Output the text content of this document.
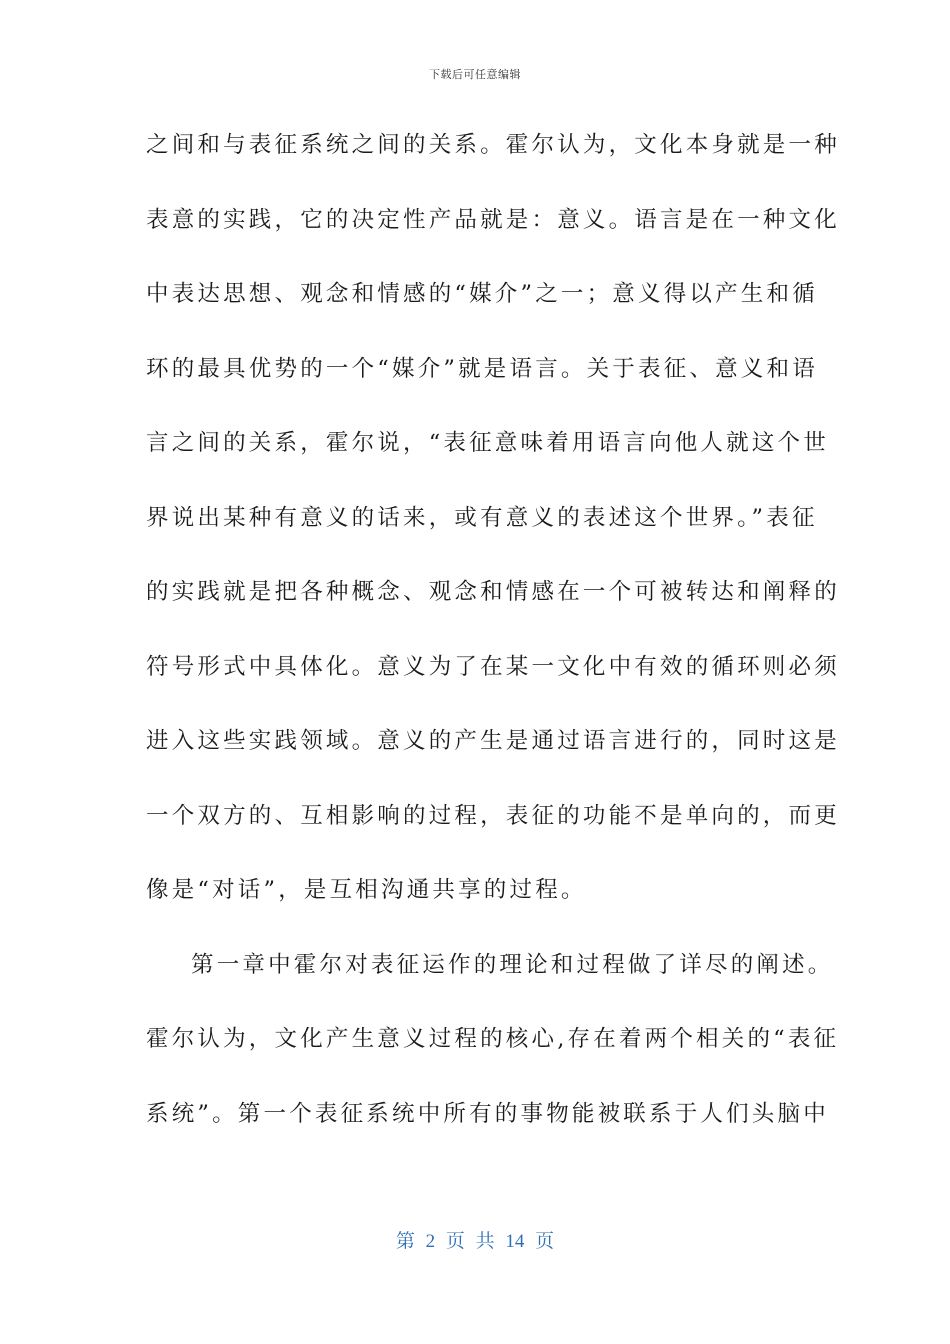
下载后可任意编辑
之间和与表征系统之间的关系。霍尔认为，文化本身就是一种
表意的实践，它的决定性产品就是：意义。语言是在一种文化
中表达思想、观念和情感的“媒介”之一；意义得以产生和循
环的最具优势的一个“媒介”就是语言。关于表征、意义和语
言之间的关系，霍尔说，“表征意味着用语言向他人就这个世
界说出某种有意义的话来，或有意义的表述这个世界。”表征
的实践就是把各种概念、观念和情感在一个可被转达和阐释的
符号形式中具体化。意义为了在某一文化中有效的循环则必须
进入这些实践领域。意义的产生是通过语言进行的，同时这是
一个双方的、互相影响的过程，表征的功能不是单向的，而更
像是“对话”，是互相沟通共享的过程。
第一章中霍尔对表征运作的理论和过程做了详尽的阐述。
霍尔认为，文化产生意义过程的核心,存在着两个相关的“表征
系统”。第一个表征系统中所有的事物能被联系于人们头脑中
第 2 页 共 14 页
